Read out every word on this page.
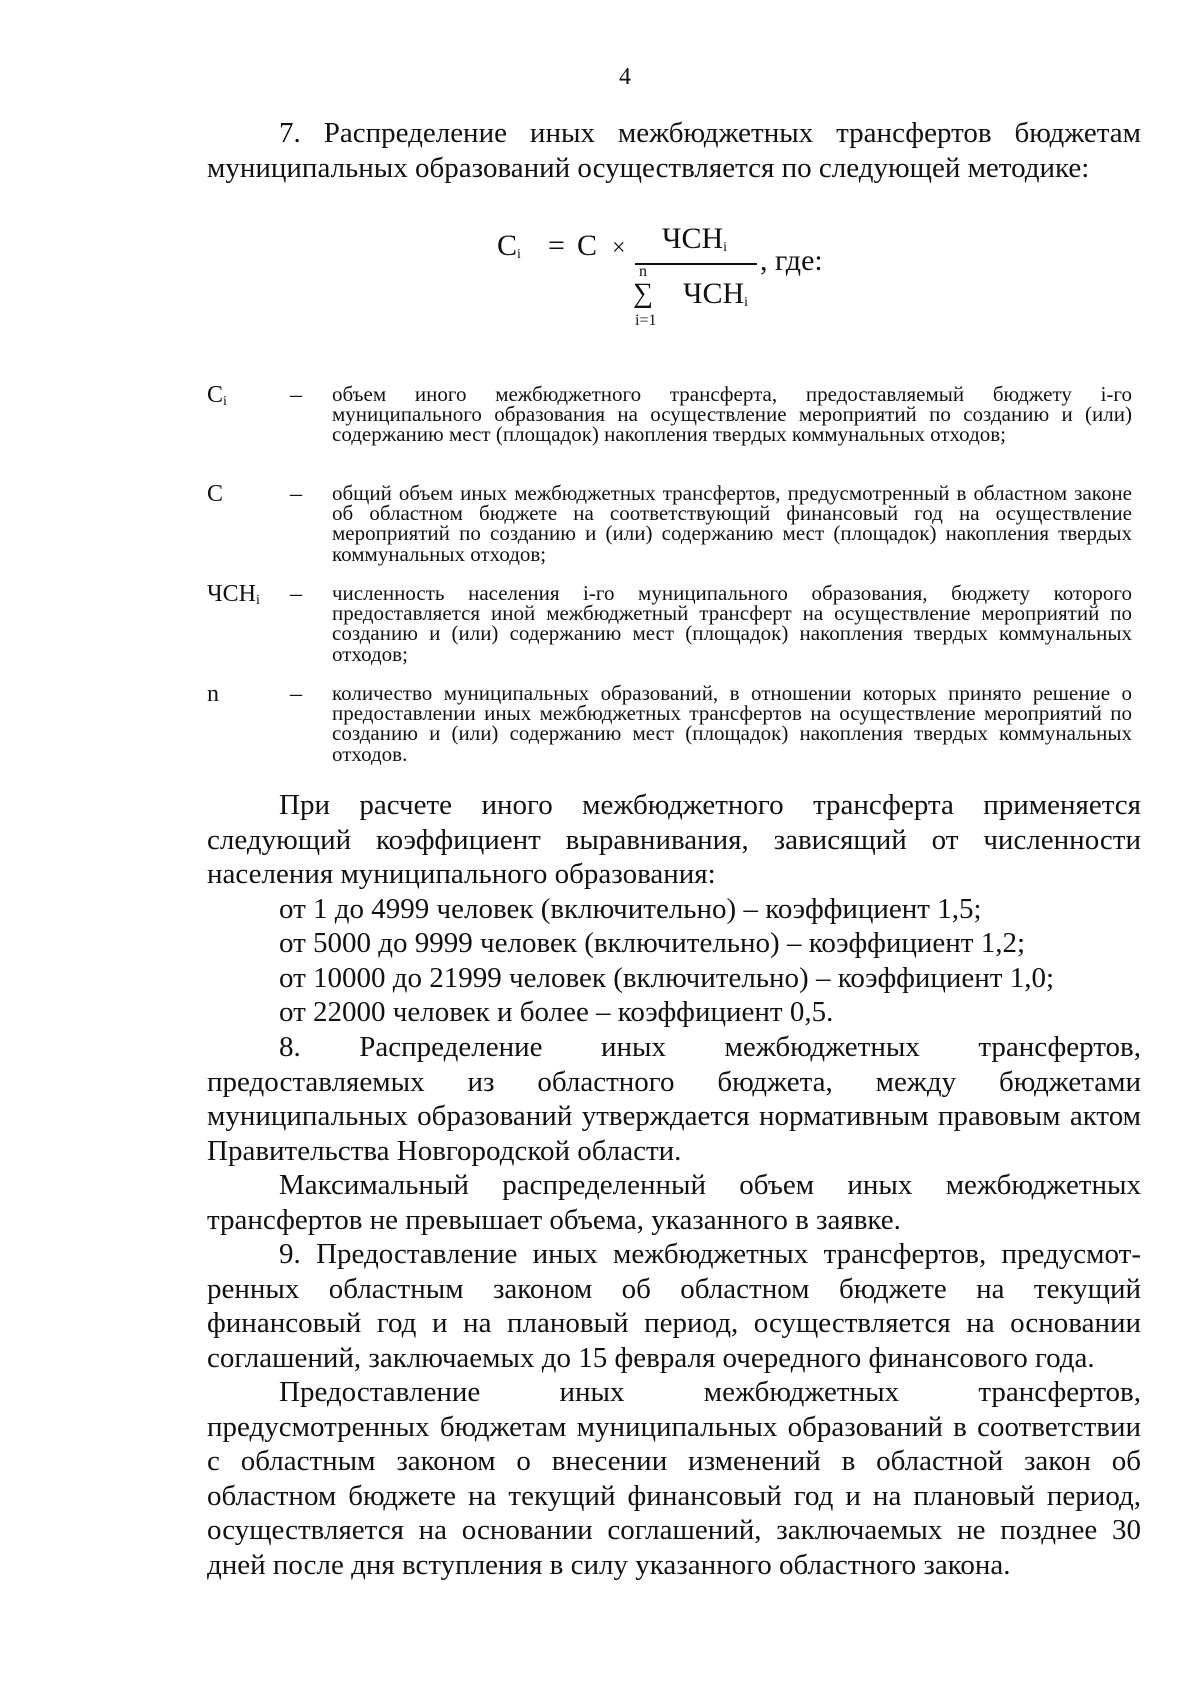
4

7. Распределение иных межбюджетных трансфертов бюджетам муниципальных образований осуществляется по следующей методике:

$C_i = C \times ЧСН_i$
n
∑ $ЧСН_i$
i=1
, где:
$C_i$	– объем иного межбюджетного трансферта, предоставляемый бюджету i-го муниципального образования на осуществление мероприятий по созданию и (или) содержанию мест (площадок) накопления твердых коммунальных отходов;
C	– общий объем иных межбюджетных трансфертов, предусмотренный в областном законе об областном бюджете на соответствующий финансовый год на осуществление мероприятий по созданию и (или) содержанию мест (площадок) накопления твердых коммунальных отходов;
$ЧСН_i$ – численность населения i-го муниципального образования, бюджету которого предоставляется иной межбюджетный трансферт на осуществление мероприятий по созданию и (или) содержанию мест (площадок) накопления твердых коммунальных отходов;
n	– количество муниципальных образований, в отношении которых принято решение о предоставлении иных межбюджетных трансфертов на осуществление мероприятий по созданию и (или) содержанию мест (площадок) накопления твердых коммунальных отходов.

При расчете иного межбюджетного трансферта применяется следующий коэффициент выравнивания, зависящий от численности населения муниципального образования:

от 1 до 4999 человек (включительно) – коэффициент 1,5;
от 5000 до 9999 человек (включительно) – коэффициент 1,2;
от 10000 до 21999 человек (включительно) – коэффициент 1,0;
от 22000 человек и более – коэффициент 0,5.

8. Распределение иных межбюджетных трансфертов, предоставляемых из областного бюджета, между бюджетами муниципальных образований утверждается нормативным правовым актом Правительства Новгородской области.

Максимальный распределенный объем иных межбюджетных трансфертов не превышает объема, указанного в заявке.

9. Предоставление иных межбюджетных трансфертов, предусмотренных областным законом об областном бюджете на текущий финансовый год и на плановый период, осуществляется на основании соглашений, заключаемых до 15 февраля очередного финансового года.

Предоставление иных межбюджетных трансфертов, предусмотренных бюджетам муниципальных образований в соответствии с областным законом о внесении изменений в областной закон об областном бюджете на текущий финансовый год и на плановый период, осуществляется на основании соглашений, заключаемых не позднее 30 дней после дня вступления в силу указанного областного закона.
